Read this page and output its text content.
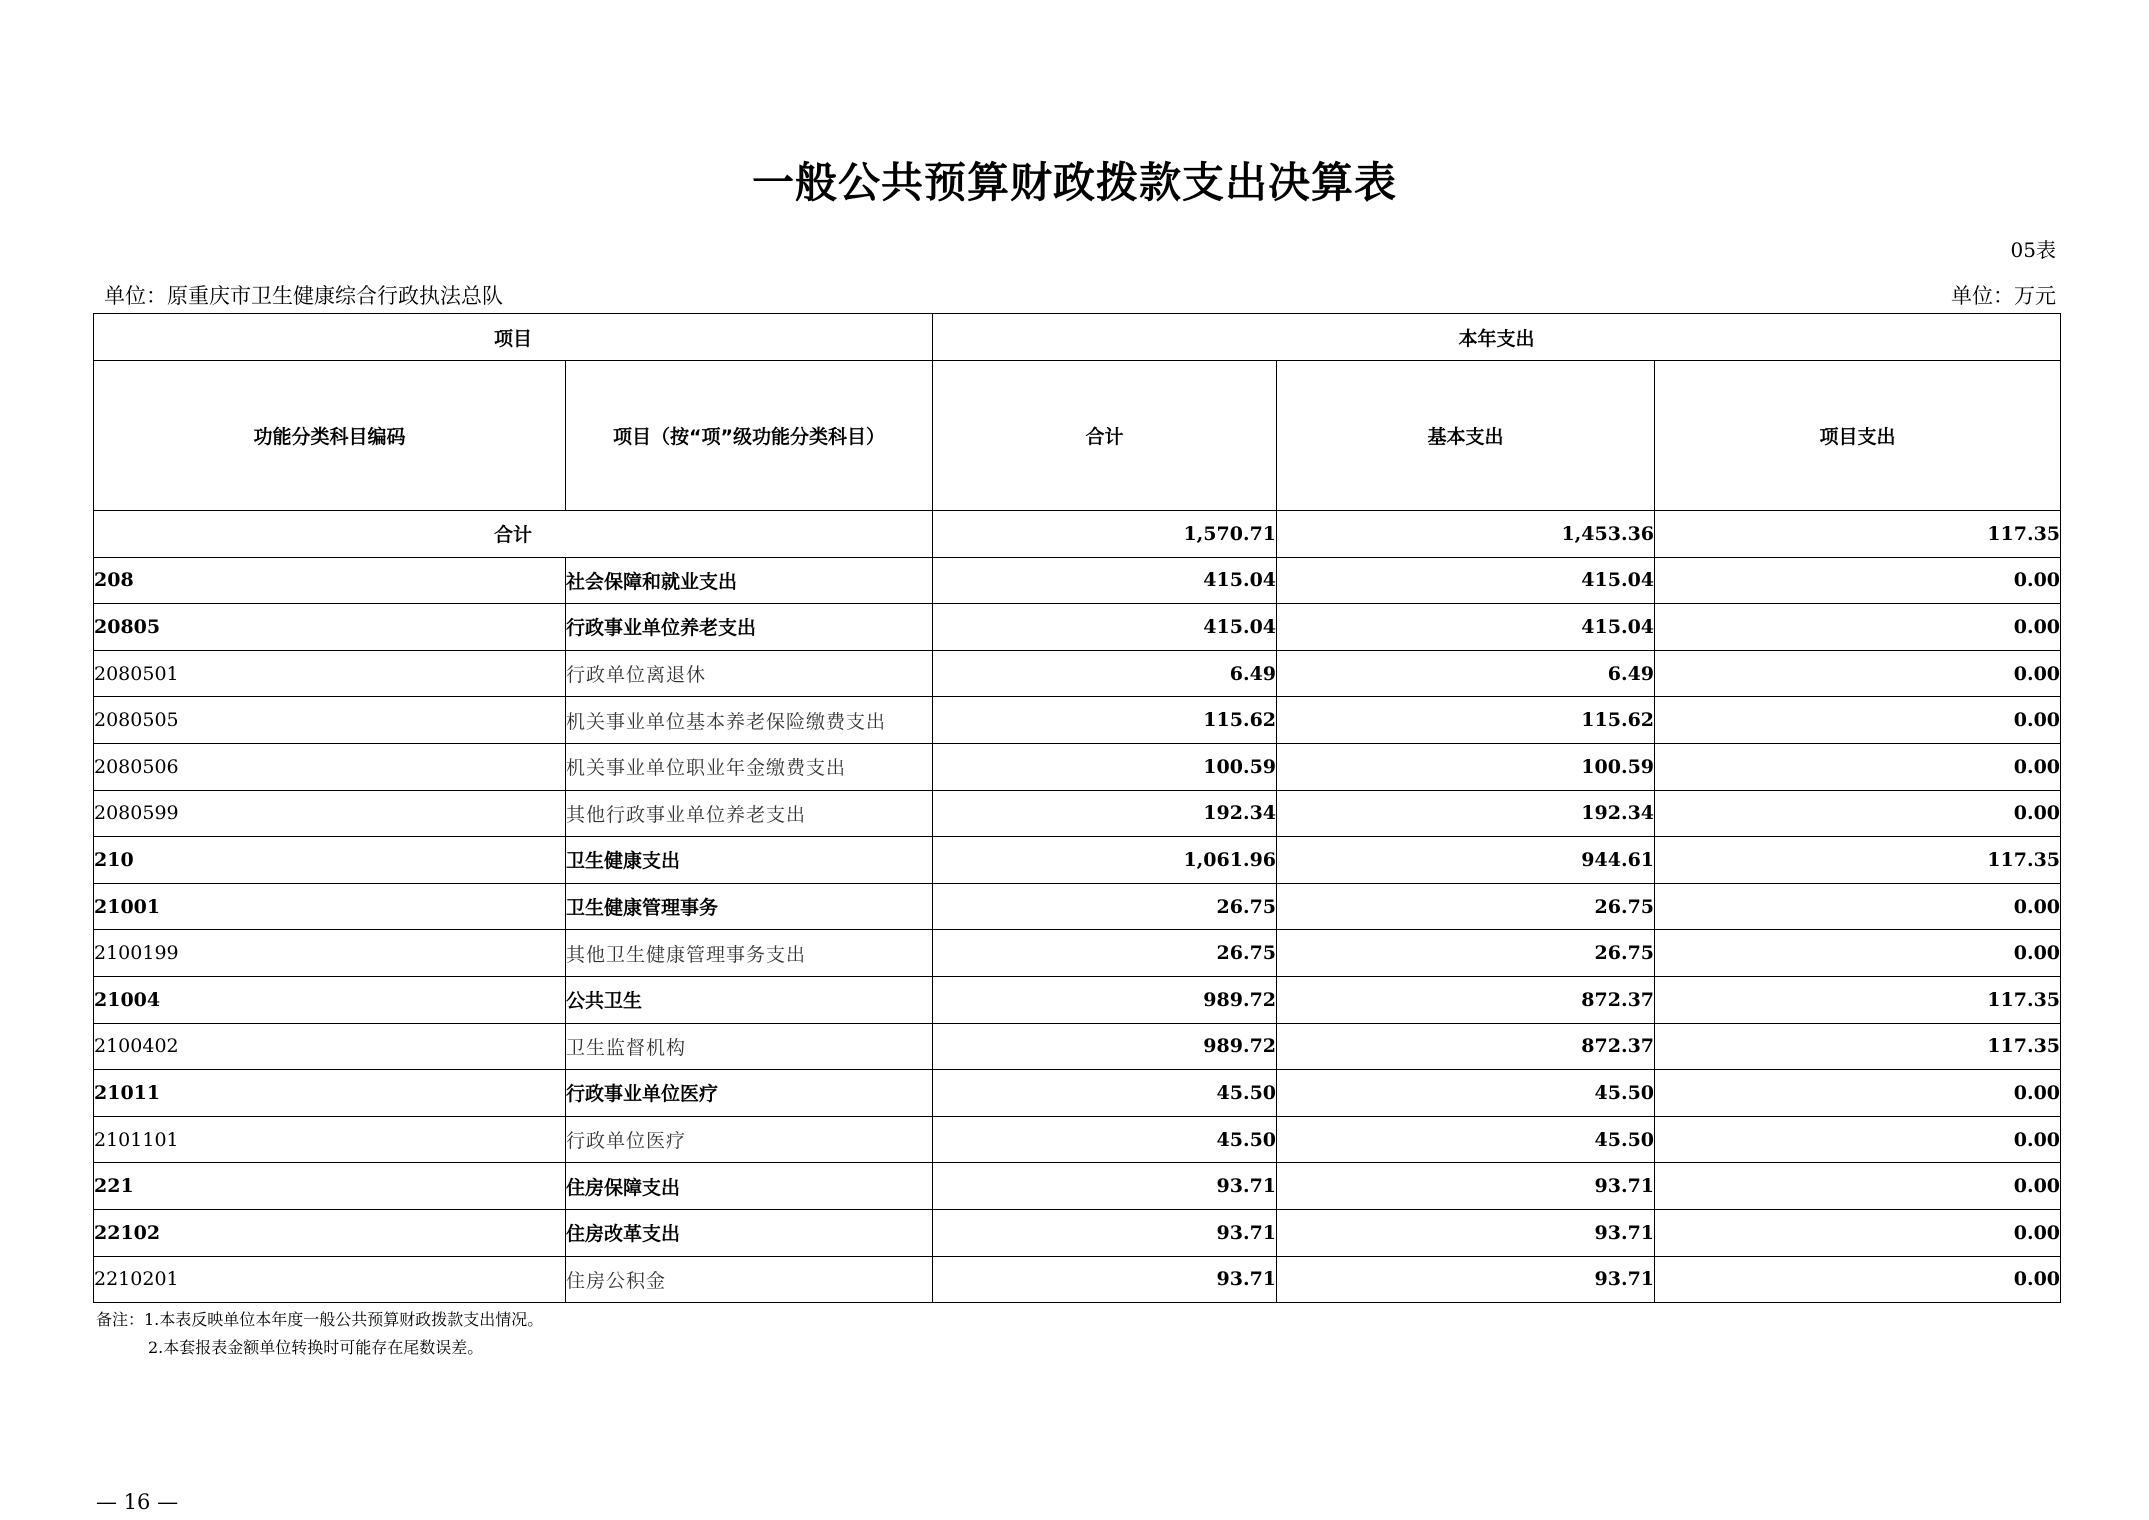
一般公共预算财政拨款支出决算表
05表
单位：原重庆市卫生健康综合行政执法总队	单位：万元
项目		本年支出		
功能分类科目编码	项目（按“项”级功能分类科目）	合计	基本支出	项目支出
合计		1,570.71	1,453.36	117.35
208	社会保障和就业支出	415.04	415.04	0.00
20805	行政事业单位养老支出	415.04	415.04	0.00
2080501	行政单位离退休	6.49	6.49	0.00
2080505	机关事业单位基本养老保险缴费支出	115.62	115.62	0.00
2080506	机关事业单位职业年金缴费支出	100.59	100.59	0.00
2080599	其他行政事业单位养老支出	192.34	192.34	0.00
210	卫生健康支出	1,061.96	944.61	117.35
21001	卫生健康管理事务	26.75	26.75	0.00
2100199	其他卫生健康管理事务支出	26.75	26.75	0.00
21004	公共卫生	989.72	872.37	117.35
2100402	卫生监督机构	989.72	872.37	117.35
21011	行政事业单位医疗	45.50	45.50	0.00
2101101	行政单位医疗	45.50	45.50	0.00
221	住房保障支出	93.71	93.71	0.00
22102	住房改革支出	93.71	93.71	0.00
2210201	住房公积金	93.71	93.71	0.00
备注：1.本表反映单位本年度一般公共预算财政拨款支出情况。
2.本套报表金额单位转换时可能存在尾数误差。
— 16 —
